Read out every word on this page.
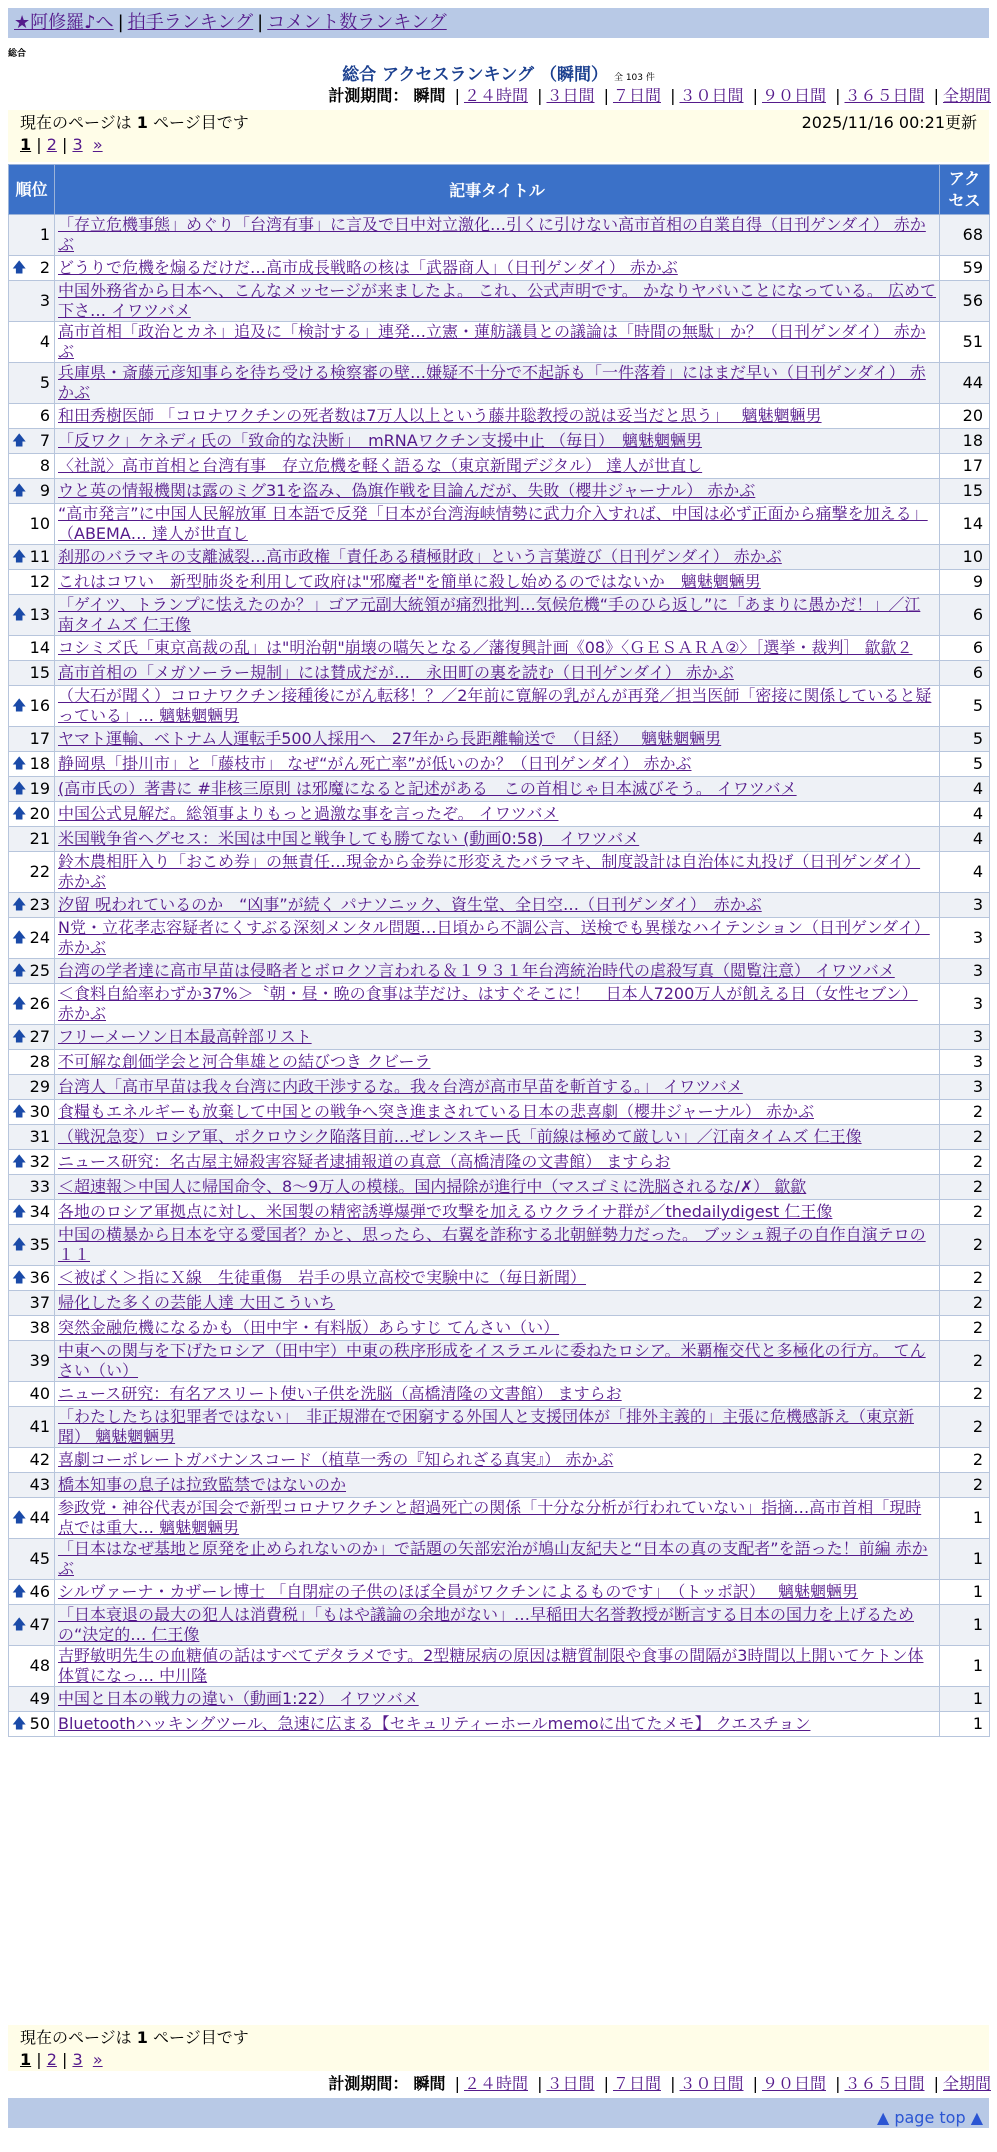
★阿修羅♪へ | 拍手ランキング | コメント数ランキング
総合
総合 アクセスランキング （瞬間） 全 103 件
計測期間： 瞬間 | ２４時間 | ３日間 | ７日間 | ３０日間 | ９０日間 | ３６５日間 | 全期間
現在のページは 1 ページ目です	2025/11/16 00:21更新
1 | 2 | 3 »
順位	記事タイトル	アクセス
1	「存立危機事態」めぐり「台湾有事」に言及で日中対立激化…引くに引けない高市首相の自業自得（日刊ゲンダイ） 赤かぶ	68

🡅 2	どうりで危機を煽るだけだ…高市成長戦略の核は「武器商人」（日刊ゲンダイ） 赤かぶ	59
3	中国外務省から日本へ、こんなメッセージが来ましたよ。 これ、公式声明です。 かなりヤバいことになっている。 広めて下さ… イワツバメ	56
4	高市首相「政治とカネ」追及に「検討する」連発…立憲・蓮舫議員との議論は「時間の無駄」か？（日刊ゲンダイ） 赤かぶ	51
5	兵庫県・斎藤元彦知事らを待ち受ける検察審の壁…嫌疑不十分で不起訴も「一件落着」にはまだ早い（日刊ゲンダイ） 赤かぶ	44
6	和田秀樹医師 「コロナワクチンの死者数は7万人以上という藤井聡教授の説は妥当だと思う」　 魑魅魍魎男	20

🡅 7	「反ワク」ケネディ氏の「致命的な決断」　mRNAワクチン支援中止 （毎日）　魑魅魍魎男	18
8	〈社説〉高市首相と台湾有事　存立危機を軽く語るな（東京新聞デジタル） 達人が世直し	17

🡅 9	ウと英の情報機関は露のミグ31を盗み、偽旗作戦を目論んだが、失敗（櫻井ジャーナル） 赤かぶ	15
10	“高市発言”に中国人民解放軍 日本語で反発「日本が台湾海峡情勢に武力介入すれば、中国は必ず正面から痛撃を加える」（ABEMA… 達人が世直し	14

🡅 11	刹那のバラマキの支離滅裂…高市政権「責任ある積極財政」という言葉遊び（日刊ゲンダイ） 赤かぶ	10
12	これはコワい　新型肺炎を利用して政府は"邪魔者"を簡単に殺し始めるのではないか　魑魅魍魎男	9

🡅 13	「ゲイツ、トランプに怯えたのか？」ゴア元副大統領が痛烈批判…気候危機“手のひら返し”に「あまりに愚かだ！」／江南タイムズ 仁王像	6
14	コシミズ氏「東京高裁の乱」は"明治朝"崩壊の嚆矢となる／藩復興計画《08》〈ＧＥＳＡＲＡ②〉［選挙・裁判］ 歙歙２	6
15	高市首相の「メガソーラー規制」には賛成だが…　永田町の裏を読む（日刊ゲンダイ） 赤かぶ	6

🡅 16	（大石が聞く）コロナワクチン接種後にがん転移！？／2年前に寛解の乳がんが再発／担当医師「密接に関係していると疑っている」… 魑魅魍魎男	5
17	ヤマト運輸、ベトナム人運転手500人採用へ　27年から長距離輸送で　（日経）　 魑魅魍魎男	5

🡅 18	静岡県「掛川市」と「藤枝市」 なぜ“がん死亡率”が低いのか？（日刊ゲンダイ） 赤かぶ	5

🡅 19	(高市氏の）著書に #非核三原則 は邪魔になると記述がある　この首相じゃ日本滅びそう。 イワツバメ	4

🡅 20	中国公式見解だ。総領事よりもっと過激な事を言ったぞ。 イワツバメ	4
21	米国戦争省ヘグセス：米国は中国と戦争しても勝てない (動画0:58)　イワツバメ	4
22	鈴木農相肝入り「おこめ券」の無責任…現金から金券に形変えたバラマキ、制度設計は自治体に丸投げ（日刊ゲンダイ） 赤かぶ	4

🡅 23	汐留 呪われているのか　“凶事”が続く パナソニック、資生堂、全日空…（日刊ゲンダイ）　赤かぶ	3

🡅 24	N党・立花孝志容疑者にくすぶる深刻メンタル問題…日頃から不調公言、送検でも異様なハイテンション（日刊ゲンダイ） 赤かぶ	3

🡅 25	台湾の学者達に高市早苗は侵略者とボロクソ言われる＆１９３１年台湾統治時代の虐殺写真（閲覧注意） イワツバメ	3

🡅 26	＜食料自給率わずか37%＞〝朝・昼・晩の食事は芋だけ〟はすぐそこに！　日本人7200万人が飢える日（女性セブン） 赤かぶ	3

🡅 27	フリーメーソン日本最高幹部リスト	3
28	不可解な創価学会と河合隼雄との結びつき クビーラ	3
29	台湾人「高市早苗は我々台湾に内政干渉するな。我々台湾が高市早苗を斬首する。」 イワツバメ	3

🡅 30	食糧もエネルギーも放棄して中国との戦争へ突き進まされている日本の悲喜劇（櫻井ジャーナル） 赤かぶ	2
31	（戦況急変）ロシア軍、ポクロウシク陥落目前…ゼレンスキー氏「前線は極めて厳しい」／江南タイムズ 仁王像	2

🡅 32	ニュース研究：名古屋主婦殺害容疑者逮捕報道の真意（高橋清隆の文書館） ますらお	2
33	＜超速報＞中国人に帰国命令、8〜9万人の模様。国内掃除が進行中（マスゴミに洗脳されるな/✗） 歙歙	2

🡅 34	各地のロシア軍拠点に対し、米国製の精密誘導爆弾で攻撃を加えるウクライナ群が／thedailydigest 仁王像	2

🡅 35	中国の横暴から日本を守る愛国者？かと、思ったら、右翼を詐称する北朝鮮勢力だった。 ブッシュ親子の自作自演テロの１１	2

🡅 36	＜被ばく＞指にＸ線　生徒重傷　岩手の県立高校で実験中に（毎日新聞）	2
37	帰化した多くの芸能人達 大田こういち	2
38	突然金融危機になるかも（田中宇・有料版）あらすじ てんさい（い）	2
39	中東への関与を下げたロシア（田中宇）中東の秩序形成をイスラエルに委ねたロシア。米覇権交代と多極化の行方。 てんさい（い）	2
40	ニュース研究：有名アスリート使い子供を洗脳（高橋清隆の文書館） ますらお	2
41	「わたしたちは犯罪者ではない」　非正規滞在で困窮する外国人と支援団体が「排外主義的」主張に危機感訴え（東京新聞） 魑魅魍魎男	2
42	喜劇コーポレートガバナンスコード（植草一秀の『知られざる真実』） 赤かぶ	2
43	橋本知事の息子は拉致監禁ではないのか	2

🡅 44	参政党・神谷代表が国会で新型コロナワクチンと超過死亡の関係「十分な分析が行われていない」指摘…高市首相「現時点では重大… 魑魅魍魎男	1
45	「日本はなぜ基地と原発を止められないのか」で話題の矢部宏治が鳩山友紀夫と“日本の真の支配者”を語った！前編 赤かぶ	1

🡅 46	シルヴァーナ・カザーレ博士 「自閉症の子供のほぼ全員がワクチンによるものです」　（トッポ訳）　 魑魅魍魎男	1

🡅 47	「日本衰退の最大の犯人は消費税」「もはや議論の余地がない」…早稲田大名誉教授が断言する日本の国力を上げるための“決定的… 仁王像	1
48	吉野敏明先生の血糖値の話はすべてデタラメです。2型糖尿病の原因は糖質制限や食事の間隔が3時間以上開いてケトン体体質になっ… 中川隆	1
49	中国と日本の戦力の違い（動画1:22） イワツバメ	1

🡅 50	Bluetoothハッキングツール、急速に広まる【セキュリティーホールmemoに出てたメモ】 クエスチョン	1
現在のページは 1 ページ目です
1 | 2 | 3 »
計測期間： 瞬間 | ２４時間 | ３日間 | ７日間 | ３０日間 | ９０日間 | ３６５日間 | 全期間
▲ page top ▲
